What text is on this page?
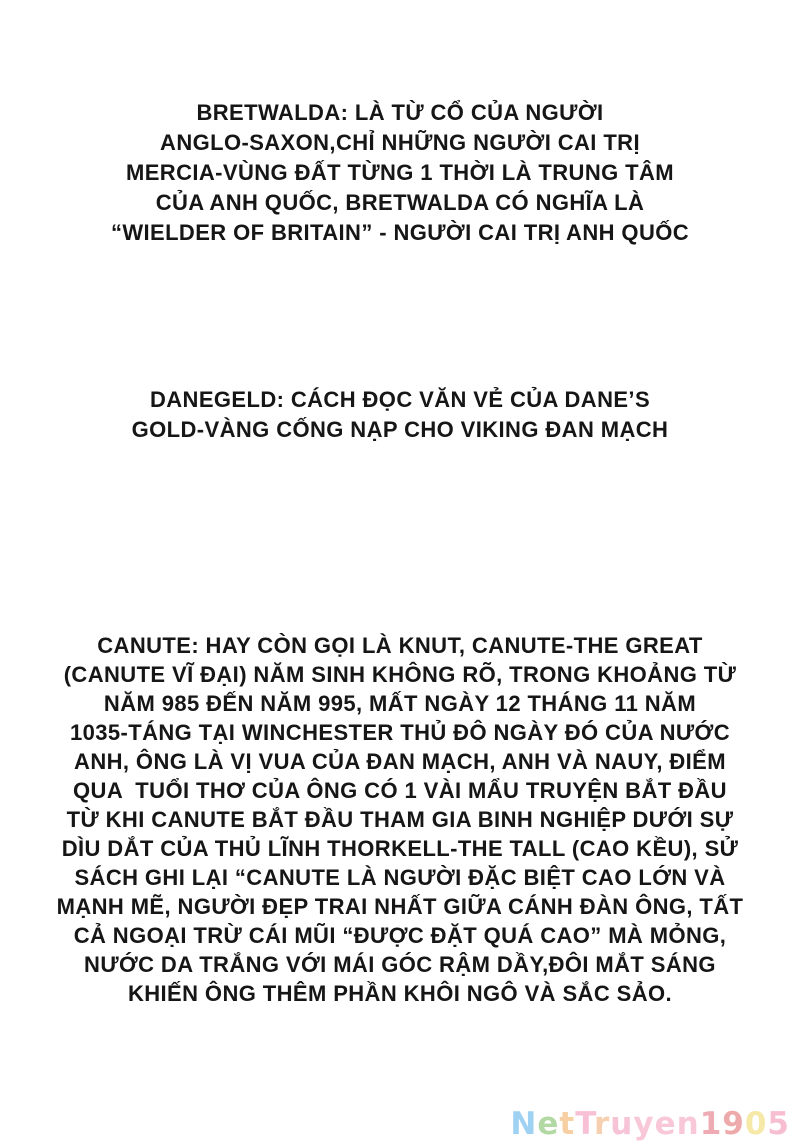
BRETWALDA: LÀ TỪ CỔ CỦA NGƯỜI
ANGLO-SAXON,CHỈ NHỮNG NGƯỜI CAI TRỊ
MERCIA-VÙNG ĐẤT TỪNG 1 THỜI LÀ TRUNG TÂM
CỦA ANH QUỐC, BRETWALDA CÓ NGHĨA LÀ
“WIELDER OF BRITAIN” - NGƯỜI CAI TRỊ ANH QUỐC
DANEGELD: CÁCH ĐỌC VĂN VẺ CỦA DANE’S
GOLD-VÀNG CỐNG NẠP CHO VIKING ĐAN MẠCH
CANUTE: HAY CÒN GỌI LÀ KNUT, CANUTE-THE GREAT
(CANUTE VĨ ĐẠI) NĂM SINH KHÔNG RÕ, TRONG KHOẢNG TỪ
NĂM 985 ĐẾN NĂM 995, MẤT NGÀY 12 THÁNG 11 NĂM
1035-TÁNG TẠI WINCHESTER THỦ ĐÔ NGÀY ĐÓ CỦA NƯỚC
ANH, ÔNG LÀ VỊ VUA CỦA ĐAN MẠCH, ANH VÀ NAUY, ĐIỂM
QUA  TUỔI THƠ CỦA ÔNG CÓ 1 VÀI MẨU TRUYỆN BẮT ĐẦU
TỪ KHI CANUTE BẮT ĐẦU THAM GIA BINH NGHIỆP DƯỚI SỰ
DÌU DẮT CỦA THỦ LĨNH THORKELL-THE TALL (CAO KỀU), SỬ
SÁCH GHI LẠI “CANUTE LÀ NGƯỜI ĐẶC BIỆT CAO LỚN VÀ
MẠNH MẼ, NGƯỜI ĐẸP TRAI NHẤT GIỮA CÁNH ĐÀN ÔNG, TẤT
CẢ NGOẠI TRỪ CÁI MŨI “ĐƯỢC ĐẶT QUÁ CAO” MÀ MỎNG,
NƯỚC DA TRẮNG VỚI MÁI GÓC RẬM DẦY,ĐÔI MẮT SÁNG
KHIẾN ÔNG THÊM PHẦN KHÔI NGÔ VÀ SẮC SẢO.
NetTruyen1905
